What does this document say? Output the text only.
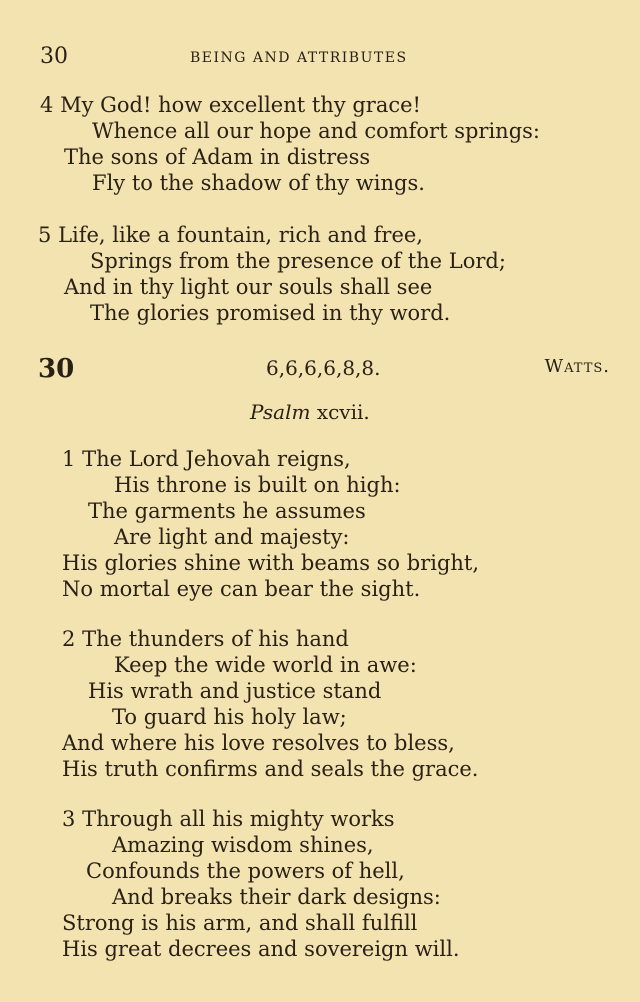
30	BEING AND ATTRIBUTES
4 My God! how excellent thy grace!
Whence all our hope and comfort springs:
The sons of Adam in distress
Fly to the shadow of thy wings.
5 Life, like a fountain, rich and free,
Springs from the presence of the Lord;
And in thy light our souls shall see
The glories promised in thy word.
30	6,6,6,6,8,8.	Watts.
Psalm xcvii.
1 The Lord Jehovah reigns,
His throne is built on high:
The garments he assumes
Are light and majesty:
His glories shine with beams so bright,
No mortal eye can bear the sight.
2 The thunders of his hand
Keep the wide world in awe:
His wrath and justice stand
To guard his holy law;
And where his love resolves to bless,
His truth confirms and seals the grace.
3 Through all his mighty works
Amazing wisdom shines,
Confounds the powers of hell,
And breaks their dark designs:
Strong is his arm, and shall fulfill
His great decrees and sovereign will.
